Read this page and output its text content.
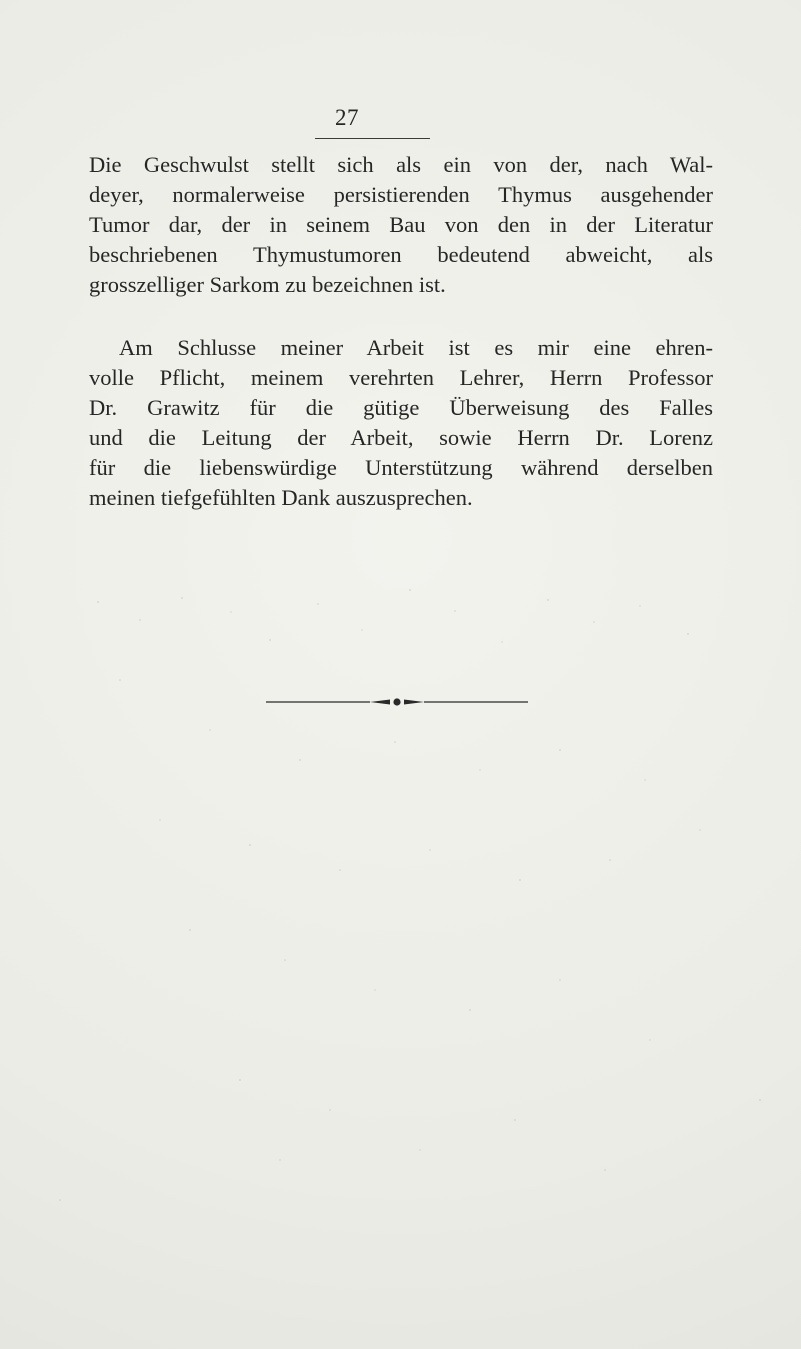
27
Die Geschwulst stellt sich als ein von der, nach Wal-
deyer, normalerweise persistierenden Thymus ausgehender
Tumor dar, der in seinem Bau von den in der Literatur
beschriebenen Thymustumoren bedeutend abweicht, als
grosszelliger Sarkom zu bezeichnen ist.
Am Schlusse meiner Arbeit ist es mir eine ehren-
volle Pflicht, meinem verehrten Lehrer, Herrn Professor
Dr. Grawitz für die gütige Überweisung des Falles
und die Leitung der Arbeit, sowie Herrn Dr. Lorenz
für die liebenswürdige Unterstützung während derselben
meinen tiefgefühlten Dank auszusprechen.
